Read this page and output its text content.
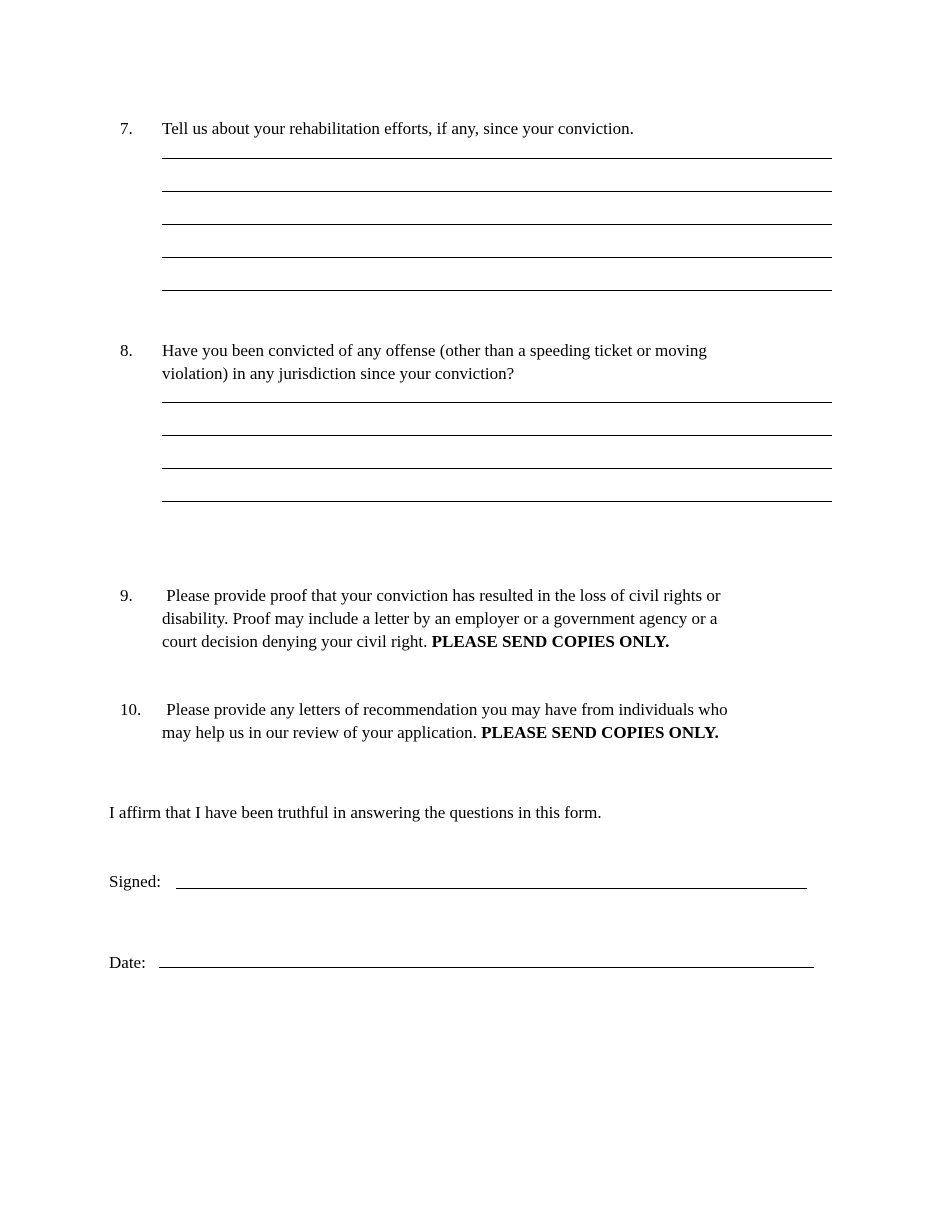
7. Tell us about your rehabilitation efforts, if any, since your conviction.
8. Have you been convicted of any offense (other than a speeding ticket or moving
violation) in any jurisdiction since your conviction?
9. Please provide proof that your conviction has resulted in the loss of civil rights or
disability. Proof may include a letter by an employer or a government agency or a
court decision denying your civil right. PLEASE SEND COPIES ONLY.
10. Please provide any letters of recommendation you may have from individuals who
may help us in our review of your application. PLEASE SEND COPIES ONLY.
I affirm that I have been truthful in answering the questions in this form.
Signed:
Date:
